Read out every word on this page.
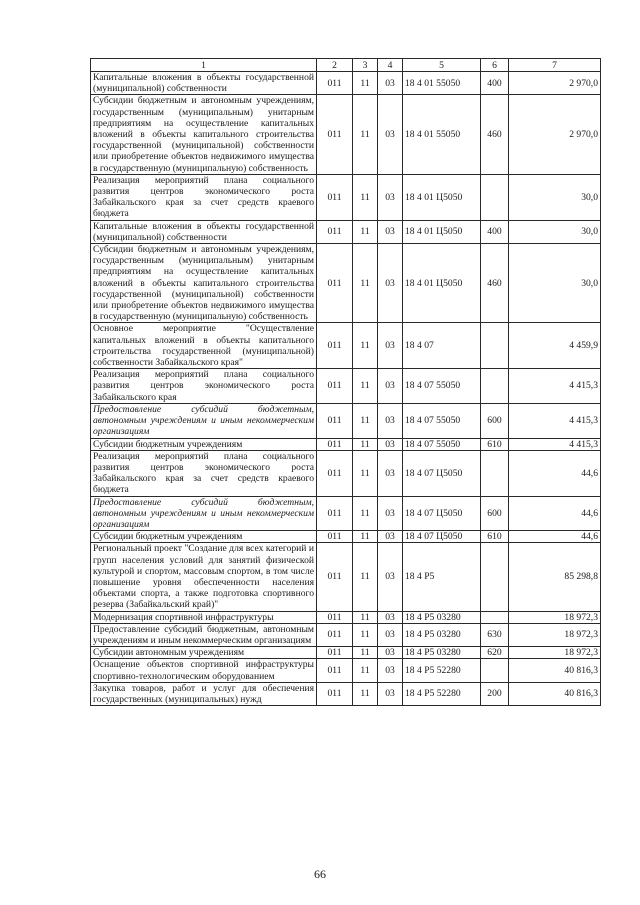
1	2	3	4	5	6	7
Капитальные вложения в объекты государственной (муниципальной) собственности	011	11	03	18 4 01 55050	400	2 970,0
Субсидии бюджетным и автономным учреждениям, государственным (муниципальным) унитарным предприятиям на осуществление капитальных вложений в объекты капитального строительства государственной (муниципальной) собственности или приобретение объектов недвижимого имущества в государственную (муниципальную) собственность	011	11	03	18 4 01 55050	460	2 970,0
Реализация мероприятий плана социального развития центров экономического роста Забайкальского края за счет средств краевого бюджета	011	11	03	18 4 01 Ц5050		30,0
Капитальные вложения в объекты государственной (муниципальной) собственности	011	11	03	18 4 01 Ц5050	400	30,0
Субсидии бюджетным и автономным учреждениям, государственным (муниципальным) унитарным предприятиям на осуществление капитальных вложений в объекты капитального строительства государственной (муниципальной) собственности или приобретение объектов недвижимого имущества в государственную (муниципальную) собственность	011	11	03	18 4 01 Ц5050	460	30,0
Основное мероприятие "Осуществление капитальных вложений в объекты капитального строительства государственной (муниципальной) собственности Забайкальского края"	011	11	03	18 4 07		4 459,9
Реализация мероприятий плана социального развития центров экономического роста Забайкальского края	011	11	03	18 4 07 55050		4 415,3
Предоставление субсидий бюджетным, автономным учреждениям и иным некоммерческим организациям	011	11	03	18 4 07 55050	600	4 415,3
Субсидии бюджетным учреждениям	011	11	03	18 4 07 55050	610	4 415,3
Реализация мероприятий плана социального развития центров экономического роста Забайкальского края за счет средств краевого бюджета	011	11	03	18 4 07 Ц5050		44,6
Предоставление субсидий бюджетным, автономным учреждениям и иным некоммерческим организациям	011	11	03	18 4 07 Ц5050	600	44,6
Субсидии бюджетным учреждениям	011	11	03	18 4 07 Ц5050	610	44,6
Региональный проект "Создание для всех категорий и групп населения условий для занятий физической культурой и спортом, массовым спортом, в том числе повышение уровня обеспеченности населения объектами спорта, а также подготовка спортивного резерва (Забайкальский край)"	011	11	03	18 4 P5		85 298,8
Модернизация спортивной инфраструктуры	011	11	03	18 4 P5 03280		18 972,3
Предоставление субсидий бюджетным, автономным учреждениям и иным некоммерческим организациям	011	11	03	18 4 P5 03280	630	18 972,3
Субсидии автономным учреждениям	011	11	03	18 4 P5 03280	620	18 972,3
Оснащение объектов спортивной инфраструктуры спортивно-технологическим оборудованием	011	11	03	18 4 P5 52280		40 816,3
Закупка товаров, работ и услуг для обеспечения государственных (муниципальных) нужд	011	11	03	18 4 P5 52280	200	40 816,3
66
